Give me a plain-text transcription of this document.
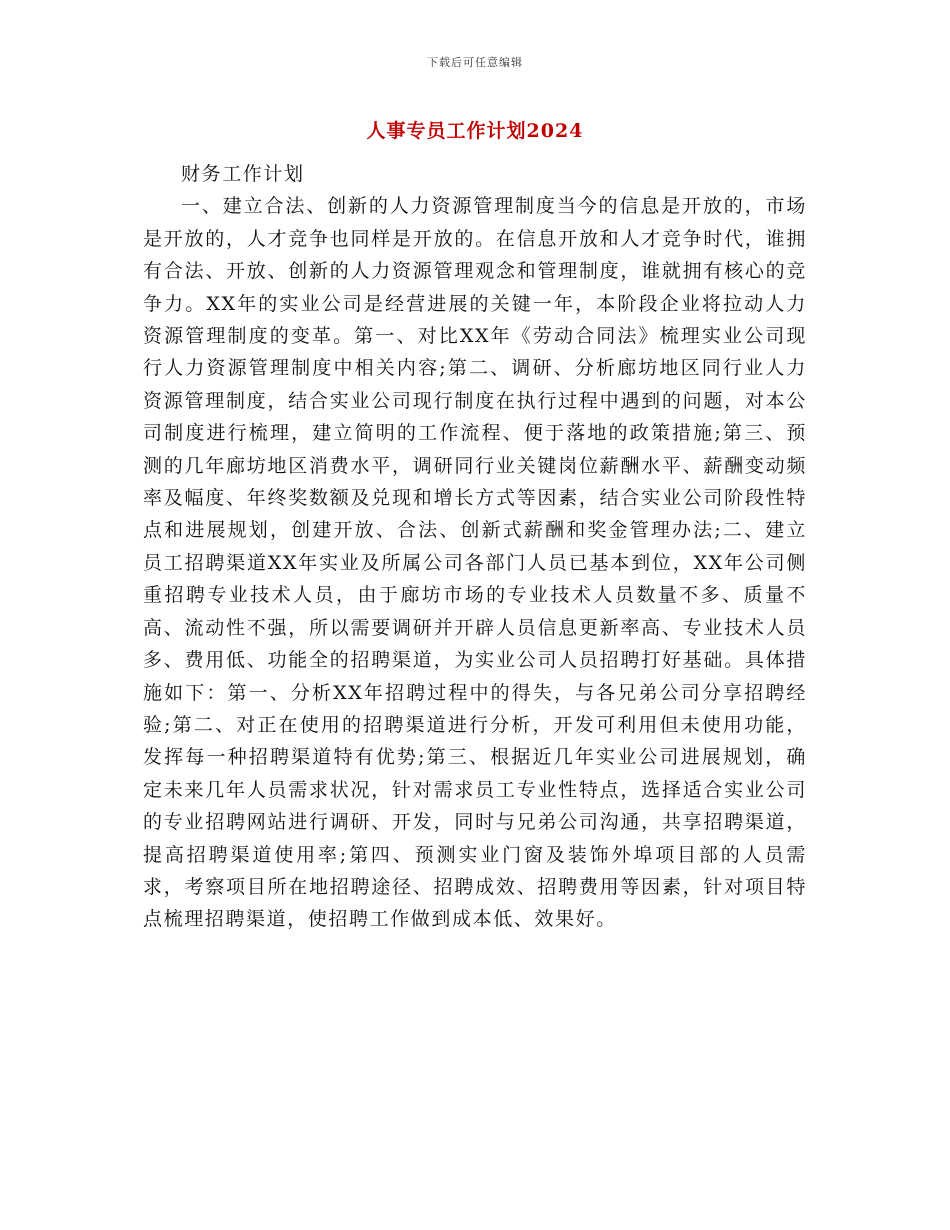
下载后可任意编辑
人事专员工作计划2024

财务工作计划

一、建立合法、创新的人力资源管理制度当今的信息是开放的，市场是开放的，人才竞争也同样是开放的。在信息开放和人才竞争时代，谁拥有合法、开放、创新的人力资源管理观念和管理制度，谁就拥有核心的竞争力。XX年的实业公司是经营进展的关键一年，本阶段企业将拉动人力资源管理制度的变革。第一、对比XX年《劳动合同法》梳理实业公司现行人力资源管理制度中相关内容;第二、调研、分析廊坊地区同行业人力资源管理制度，结合实业公司现行制度在执行过程中遇到的问题，对本公司制度进行梳理，建立简明的工作流程、便于落地的政策措施;第三、预测的几年廊坊地区消费水平，调研同行业关键岗位薪酬水平、薪酬变动频率及幅度、年终奖数额及兑现和增长方式等因素，结合实业公司阶段性特点和进展规划，创建开放、合法、创新式薪酬和奖金管理办法;二、建立员工招聘渠道XX年实业及所属公司各部门人员已基本到位，XX年公司侧重招聘专业技术人员，由于廊坊市场的专业技术人员数量不多、质量不高、流动性不强，所以需要调研并开辟人员信息更新率高、专业技术人员多、费用低、功能全的招聘渠道，为实业公司人员招聘打好基础。具体措施如下：第一、分析XX年招聘过程中的得失，与各兄弟公司分享招聘经验;第二、对正在使用的招聘渠道进行分析，开发可利用但未使用功能，发挥每一种招聘渠道特有优势;第三、根据近几年实业公司进展规划，确定未来几年人员需求状况，针对需求员工专业性特点，选择适合实业公司的专业招聘网站进行调研、开发，同时与兄弟公司沟通，共享招聘渠道，提高招聘渠道使用率;第四、预测实业门窗及装饰外埠项目部的人员需求，考察项目所在地招聘途径、招聘成效、招聘费用等因素，针对项目特点梳理招聘渠道，使招聘工作做到成本低、效果好。
